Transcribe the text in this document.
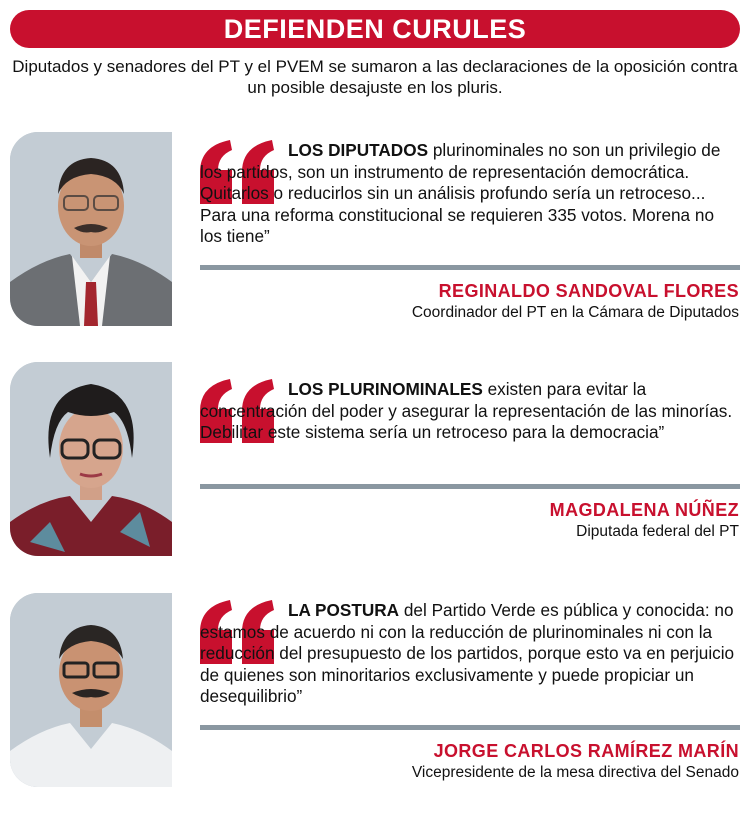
DEFIENDEN CURULES

Diputados y senadores del PT y el PVEM se sumaron a las declaraciones de la oposición contra un posible desajuste en los pluris.

LOS DIPUTADOS plurinominales no son un privilegio de los partidos, son un instrumento de representación democrática. Quitarlos o reducirlos sin un análisis profundo sería un retroceso... Para una reforma constitucional se requieren 335 votos. Morena no los tiene”

REGINALDO SANDOVAL FLORES
Coordinador del PT en la Cámara de Diputados

LOS PLURINOMINALES existen para evitar la concentración del poder y asegurar la representación de las minorías. Debilitar este sistema sería un retroceso para la democracia”

MAGDALENA NÚÑEZ
Diputada federal del PT

LA POSTURA del Partido Verde es pública y conocida: no estamos de acuerdo ni con la reducción de plurinominales ni con la reducción del presupuesto de los partidos, porque esto va en perjuicio de quienes son minoritarios exclusivamente y puede propiciar un desequilibrio”

JORGE CARLOS RAMÍREZ MARÍN
Vicepresidente de la mesa directiva del Senado
